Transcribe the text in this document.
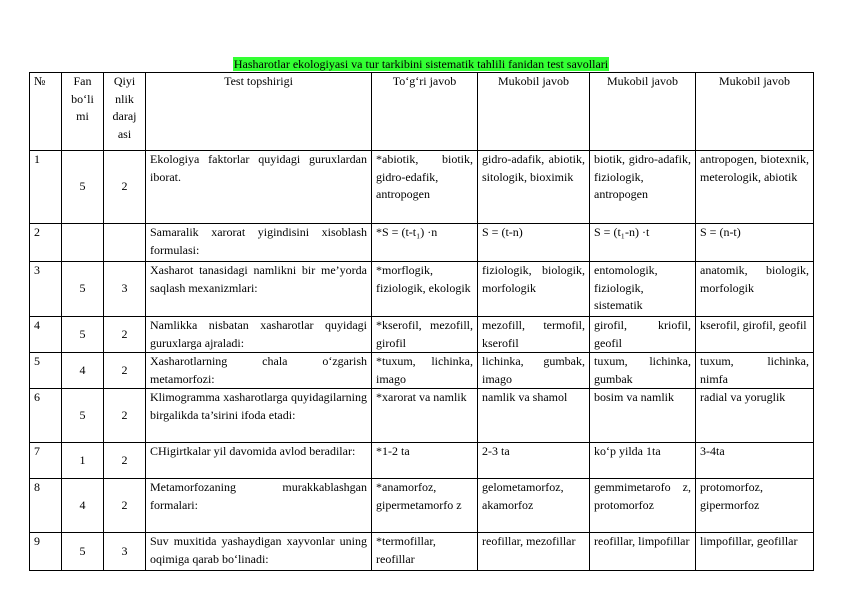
Hasharotlar ekologiyasi va tur tarkibini sistematik tahlili fanidan test savollari
№	Fan bo‘li mi	Qiyi nlik daraj asi	Test topshirigi	To‘g‘ri javob	Mukobil javob	Mukobil javob	Mukobil javob
1	5	2	Ekologiya faktorlar quyidagi guruxlardan iborat.	*abiotik, biotik, gidro-edafik, antropogen	gidro-adafik, abiotik, sitologik, bioximik	biotik, gidro-adafik, fiziologik, antropogen	antropogen, biotexnik, meterologik, abiotik
2			Samaralik xarorat yigindisini xisoblash formulasi:	*S = (t-t₁) ·n	S = (t-n)	S = (t₁-n) ·t	S = (n-t)
3	5	3	Xasharot tanasidagi namlikni bir me’yorda saqlash mexanizmlari:	*morflogik, fiziologik, ekologik	fiziologik, biologik, morfologik	entomologik, fiziologik, sistematik	anatomik, biologik, morfologik
4	5	2	Namlikka nisbatan xasharotlar quyidagi guruxlarga ajraladi:	*kserofil, mezofill, girofil	mezofill, termofil, kserofil	girofil, kriofil, geofil	kserofil, girofil, geofil
5	4	2	Xasharotlarning chala o‘zgarish metamorfozi:	*tuxum, lichinka, imago	lichinka, gumbak, imago	tuxum, lichinka, gumbak	tuxum, lichinka, nimfa
6	5	2	Klimogramma xasharotlarga quyidagilarning birgalikda ta’sirini ifoda etadi:	*xarorat va namlik	namlik va shamol	bosim va namlik	radial va yoruglik
7	1	2	CHigirtkalar yil davomida avlod beradilar:	*1-2 ta	2-3 ta	ko‘p yilda 1ta	3-4ta
8	4	2	Metamorfozaning murakkablashgan formalari:	*anamorfoz, gipermetamorfo z	gelometamorfoz, akamorfoz	gemmimetarofo z, protomorfoz	protomorfoz, gipermorfoz
9	5	3	Suv muxitida yashaydigan xayvonlar uning oqimiga qarab bo‘linadi:	*termofillar, reofillar	reofillar, mezofillar	reofillar, limpofillar	limpofillar, geofillar
